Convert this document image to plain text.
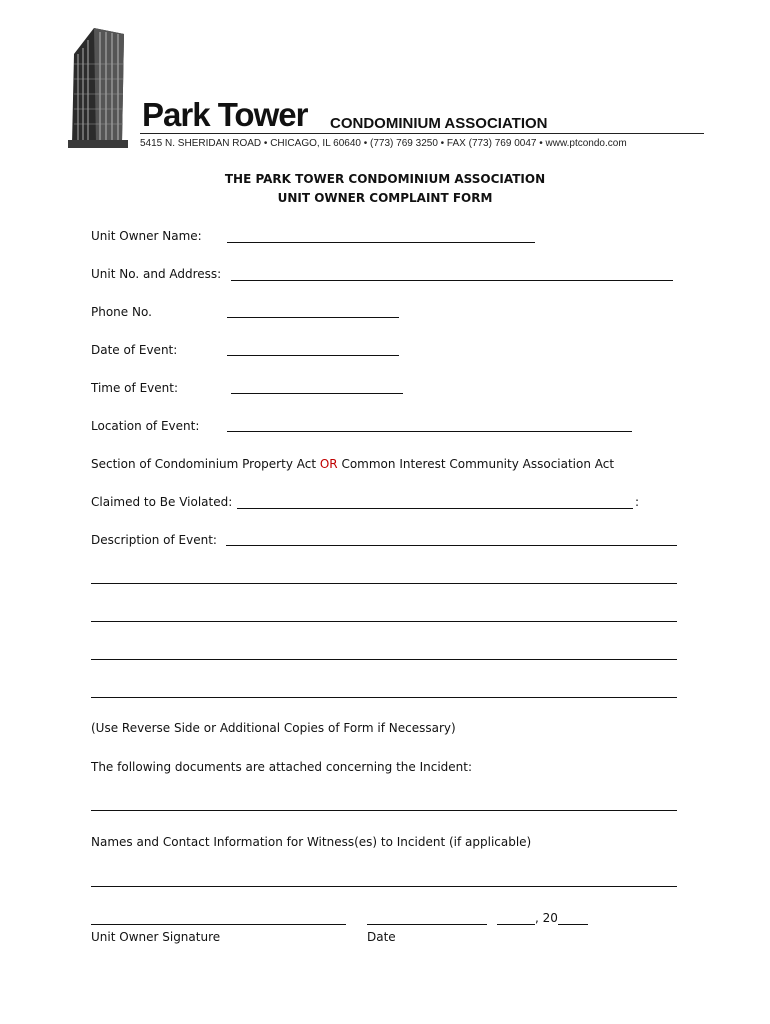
Park Tower CONDOMINIUM ASSOCIATION
5415 N. SHERIDAN ROAD • CHICAGO, IL 60640 • (773) 769 3250 • FAX (773) 769 0047 • www.ptcondo.com
THE PARK TOWER CONDOMINIUM ASSOCIATION
UNIT OWNER COMPLAINT FORM
Unit Owner Name:
Unit No. and Address:
Phone No.
Date of Event:
Time of Event:
Location of Event:
Section of Condominium Property Act OR Common Interest Community Association Act
Claimed to Be Violated:	:
Description of Event:
(Use Reverse Side or Additional Copies of Form if Necessary)
The following documents are attached concerning the Incident:
Names and Contact Information for Witness(es) to Incident (if applicable)
, 20
Unit Owner Signature	Date
